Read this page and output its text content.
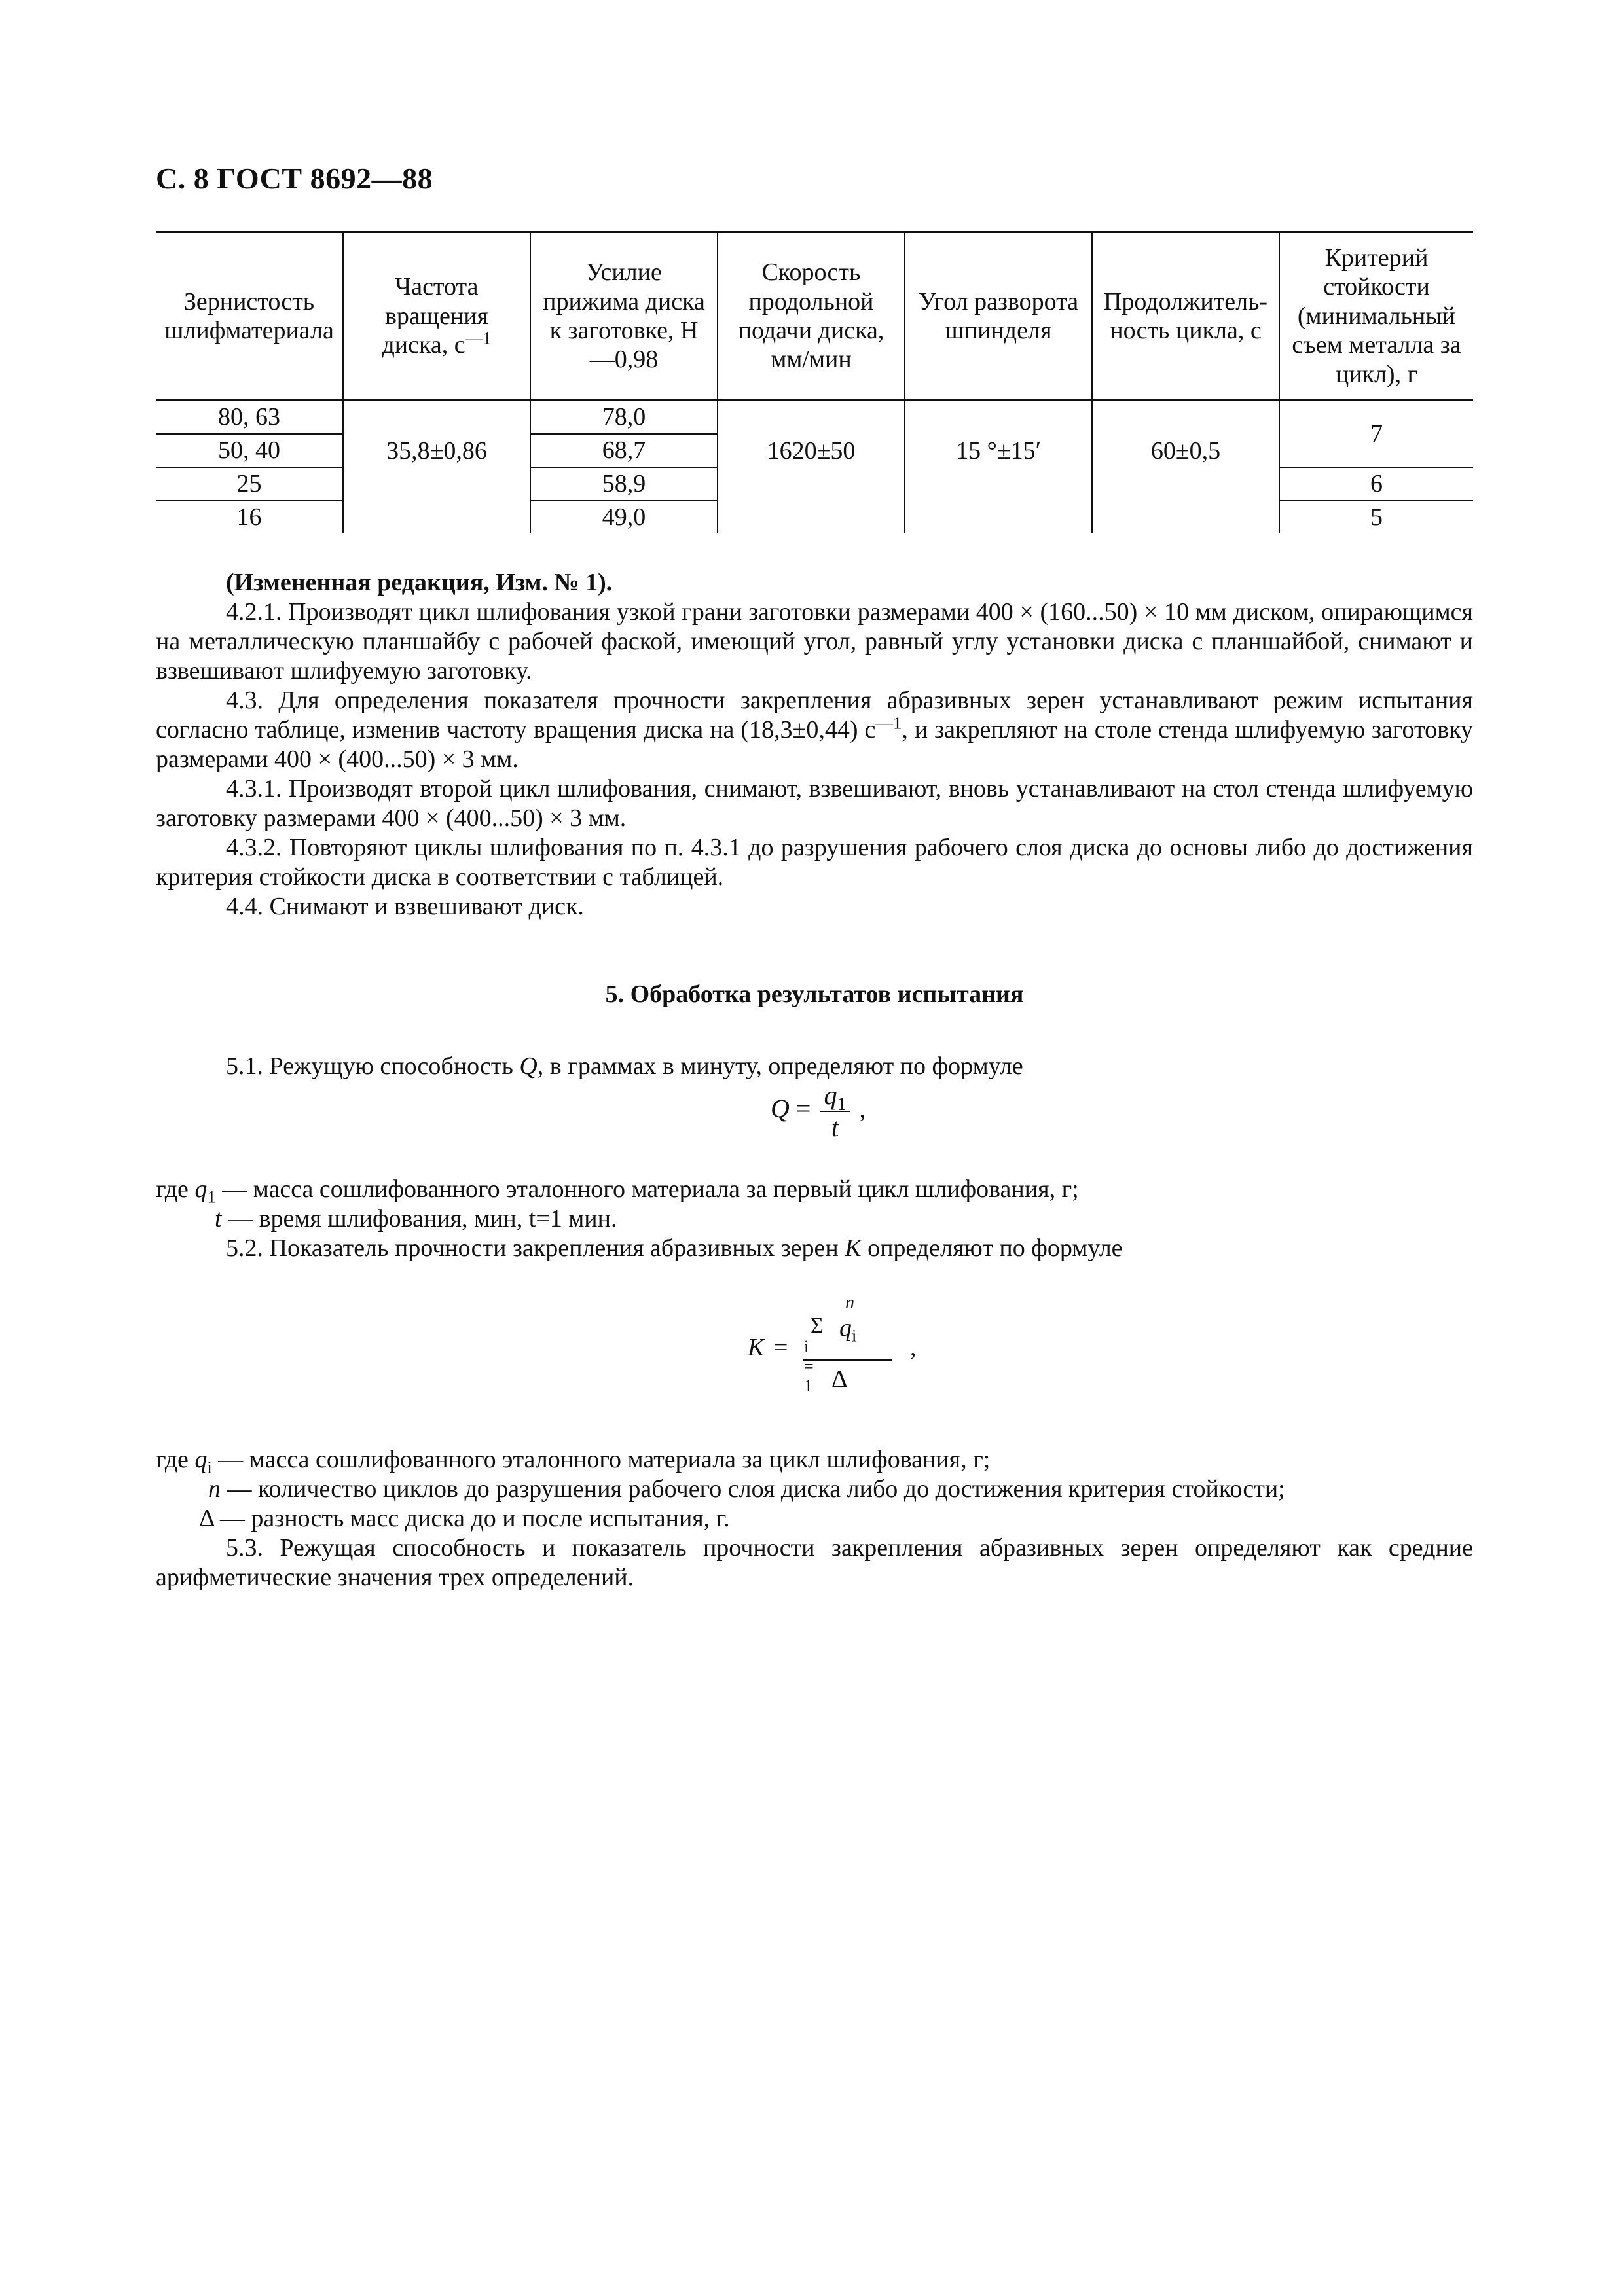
С. 8 ГОСТ 8692—88
Зернистость шлифматериала	Частота вращения диска, $с^{—1}$	Усилие прижима диска к заготовке, Н —0,98	Скорость продольной подачи диска, мм/мин	Угол разворота шпинделя	Продолжитель-ность цикла, с	Критерий стойкости (минимальный съем металла за цикл), г
80, 63	35,8±0,86	78,0	1620±50	15 °±15′	60±0,5	7
50, 40		68,7				
25		58,9				6
16		49,0				5

(Измененная редакция, Изм. № 1).

4.2.1. Производят цикл шлифования узкой грани заготовки размерами 400 × (160...50) × 10 мм диском, опирающимся на металлическую планшайбу с рабочей фаской, имеющий угол, равный углу установки диска с планшайбой, снимают и взвешивают шлифуемую заготовку.

4.3. Для определения показателя прочности закрепления абразивных зерен устанавливают режим испытания согласно таблице, изменив частоту вращения диска на (18,3±0,44) $с^{—1}$, и закрепляют на столе стенда шлифуемую заготовку размерами 400 × (400...50) × 3 мм.

4.3.1. Производят второй цикл шлифования, снимают, взвешивают, вновь устанавливают на стол стенда шлифуемую заготовку размерами 400 × (400...50) × 3 мм.

4.3.2. Повторяют циклы шлифования по п. 4.3.1 до разрушения рабочего слоя диска до основы либо до достижения критерия стойкости диска в соответствии с таблицей.

4.4. Снимают и взвешивают диск.

5. Обработка результатов испытания

5.1. Режущую способность Q, в граммах в минуту, определяют по формуле

$Q = \frac{q_1}{t}$ ,

где $q_1$ — масса сошлифованного эталонного материала за первый цикл шлифования, г;

t — время шлифования, мин, t=1 мин.

5.2. Показатель прочности закрепления абразивных зерен K определяют по формуле

K =
n
Σ $q_i$
i = 1 Δ
,

где $q_i$ — масса сошлифованного эталонного материала за цикл шлифования, г;

n — количество циклов до разрушения рабочего слоя диска либо до достижения критерия стойкости;

Δ — разность масс диска до и после испытания, г.

5.3. Режущая способность и показатель прочности закрепления абразивных зерен определяют как средние арифметические значения трех определений.
